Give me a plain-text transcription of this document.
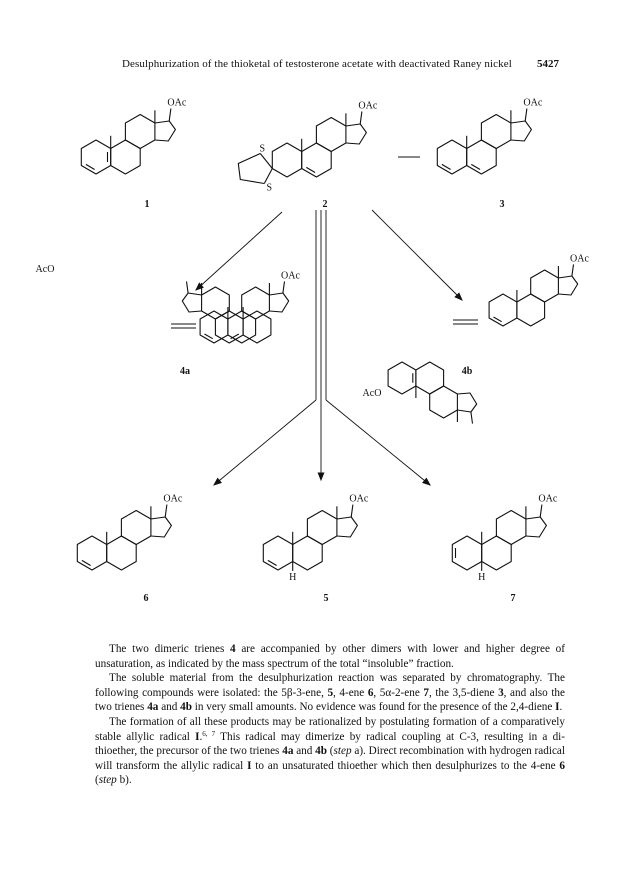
Desulphurization of the thioketal of testosterone acetate with deactivated Raney nickel 5427
OAc
1
OAc
S
S
2
OAc
3
OAc
AcO
4a
OAc
AcO
4b
OAc
6
OAc
H
5
OAc
H
7

The two dimeric trienes 4 are accompanied by other dimers with lower and higher degree of unsaturation, as indicated by the mass spectrum of the total “insoluble” fraction.

The soluble material from the desulphurization reaction was separated by chromatography. The following compounds were isolated: the 5β-3-ene, 5, 4-ene 6, 5α-2-ene 7, the 3,5-diene 3, and also the two trienes 4a and 4b in very small amounts. No evidence was found for the presence of the 2,4-diene I.

The formation of all these products may be rationalized by postulating formation of a comparatively stable allylic radical I.$^{6, 7}$ This radical may dimerize by radical coupling at C-3, resulting in a di-thioether, the precursor of the two trienes 4a and 4b (step a). Direct recombination with hydrogen radical will transform the allylic radical I to an unsaturated thioether which then desulphurizes to the 4-ene 6 (step b).
